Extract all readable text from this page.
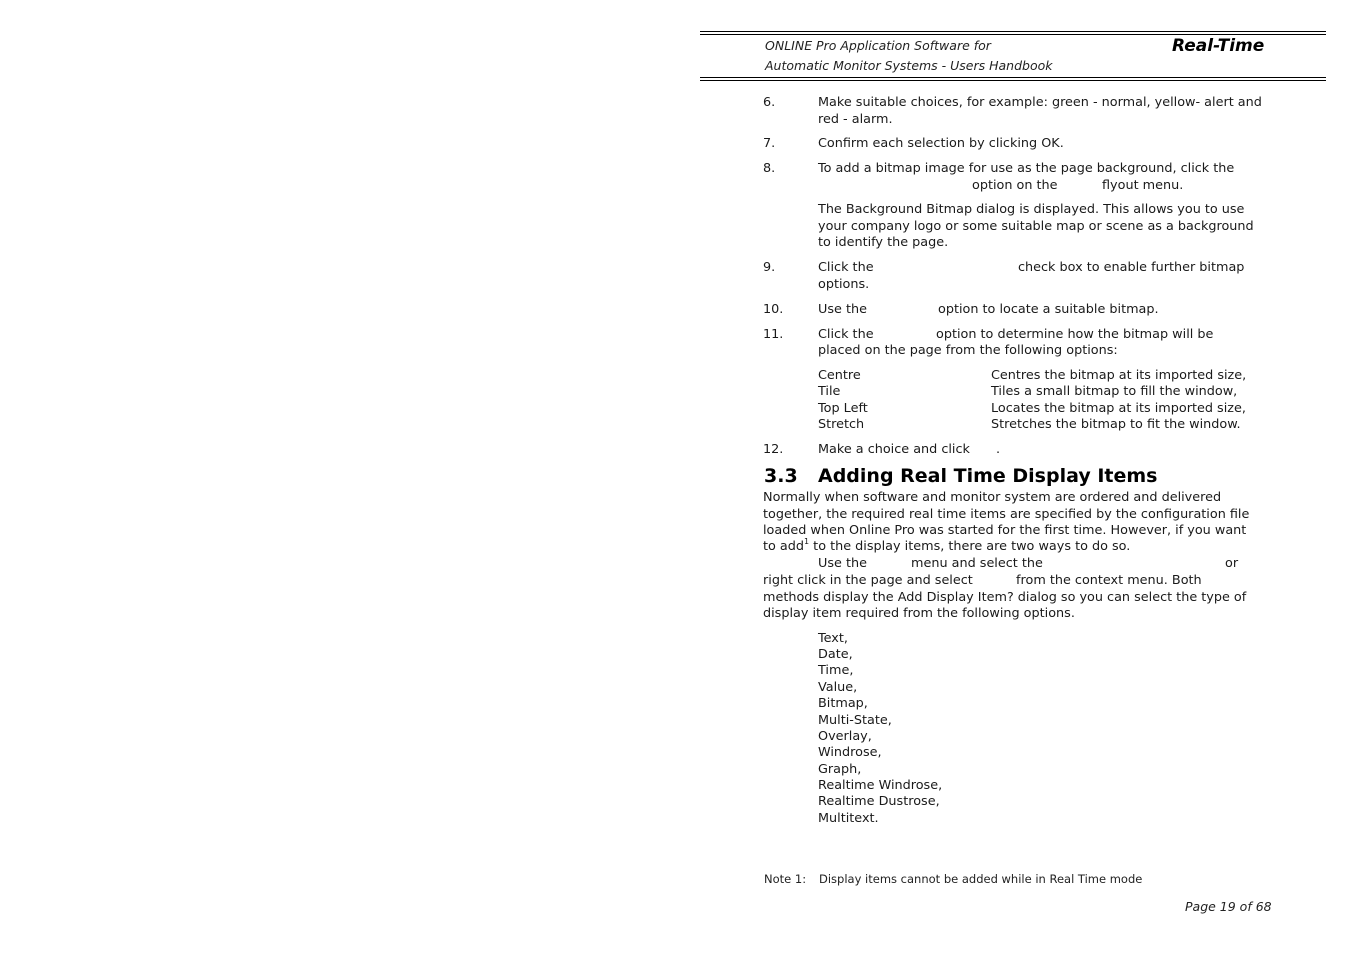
ONLINE Pro Application Software for
Automatic Monitor Systems - Users Handbook
Real-Time
6.	Make suitable choices, for example: green - normal, yellow- alert and
red - alarm.
7.	Confirm each selection by clicking OK.
8.	To add a bitmap image for use as the page background, click the
option on the	flyout menu.
The Background Bitmap dialog is displayed. This allows you to use
your company logo or some suitable map or scene as a background
to identify the page.
9.	Click the	check box to enable further bitmap
options.
10.	Use the	option to locate a suitable bitmap.
11.	Click the	option to determine how the bitmap will be
placed on the page from the following options:
Centre	Centres the bitmap at its imported size,
Tile	Tiles a small bitmap to fill the window,
Top Left	Locates the bitmap at its imported size,
Stretch	Stretches the bitmap to fit the window.
12.	Make a choice and click .
3.3 Adding Real Time Display Items
Normally when software and monitor system are ordered and delivered
together, the required real time items are specified by the configuration file
loaded when Online Pro was started for the first time. However, if you want
to add$^1$ to the display items, there are two ways to do so.
Use the	menu and select the	or
right click in the page and select	from the context menu. Both
methods display the Add Display Item? dialog so you can select the type of
display item required from the following options.
Text,
Date,
Time,
Value,
Bitmap,
Multi-State,
Overlay,
Windrose,
Graph,
Realtime Windrose,
Realtime Dustrose,
Multitext.
Note 1: Display items cannot be added while in Real Time mode
Page 19 of 68
